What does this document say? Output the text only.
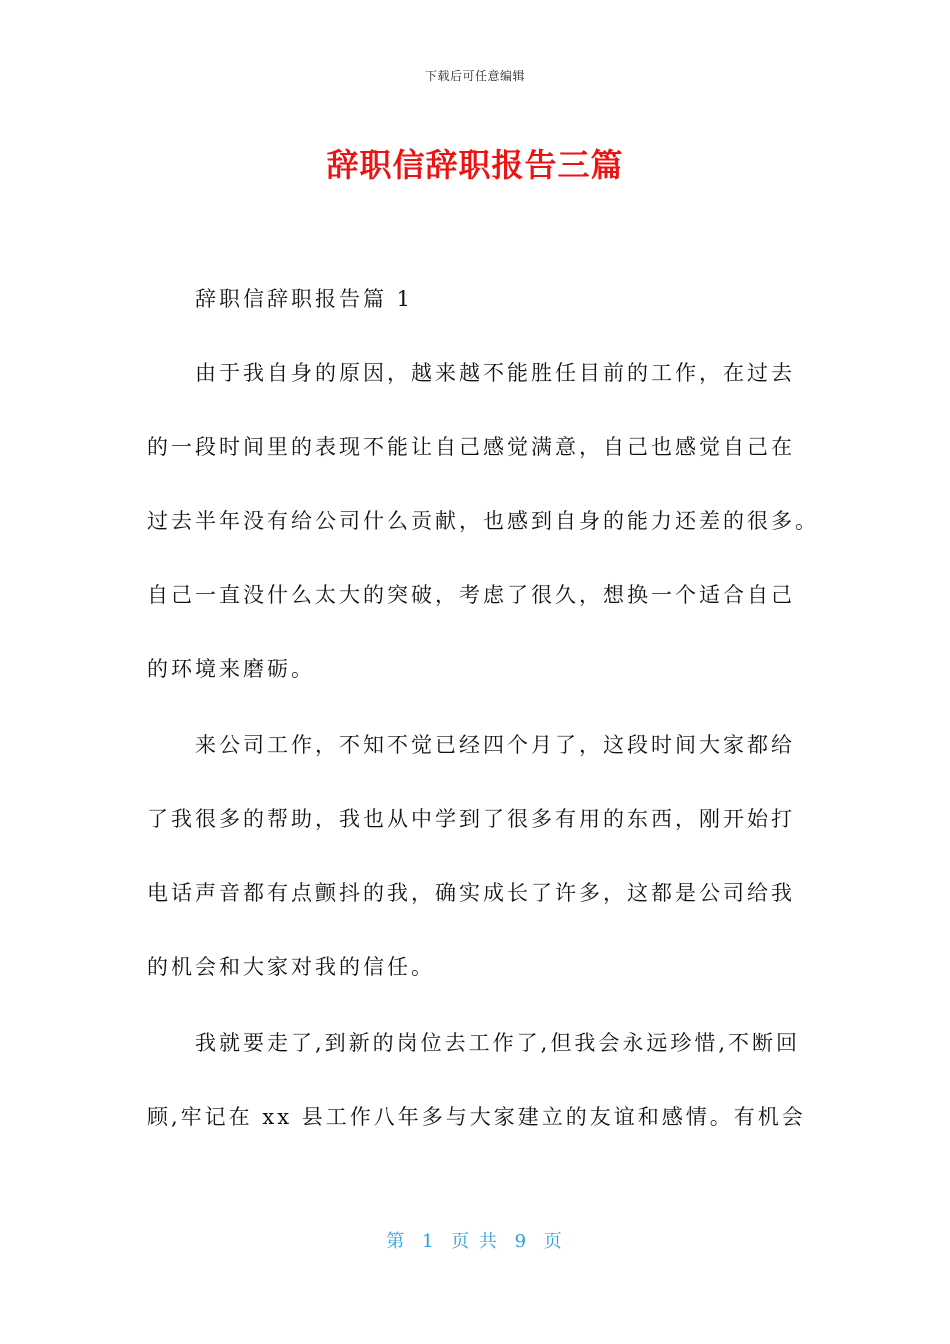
下载后可任意编辑
辞职信辞职报告三篇
辞职信辞职报告篇 1
由于我自身的原因，越来越不能胜任目前的工作，在过去
的一段时间里的表现不能让自己感觉满意，自己也感觉自己在
过去半年没有给公司什么贡献，也感到自身的能力还差的很多。
自己一直没什么太大的突破，考虑了很久，想换一个适合自己
的环境来磨砺。
来公司工作，不知不觉已经四个月了，这段时间大家都给
了我很多的帮助，我也从中学到了很多有用的东西，刚开始打
电话声音都有点颤抖的我，确实成长了许多，这都是公司给我
的机会和大家对我的信任。
我就要走了,到新的岗位去工作了,但我会永远珍惜,不断回
顾,牢记在 xx 县工作八年多与大家建立的友谊和感情。有机会
第 1 页 共 9 页
